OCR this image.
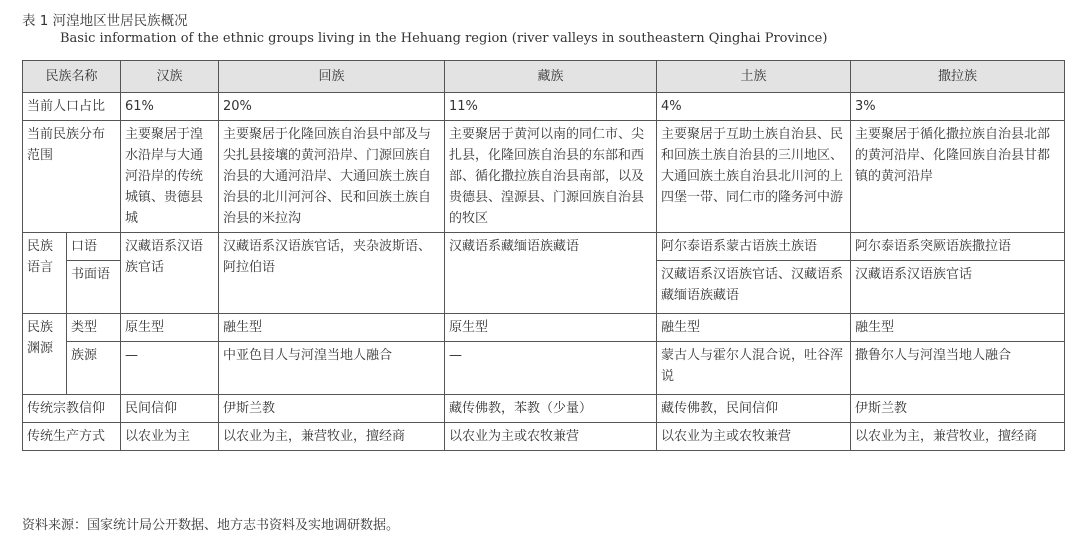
表 1 河湟地区世居民族概况
Basic information of the ethnic groups living in the Hehuang region (river valleys in southeastern Qinghai Province)
民族名称		汉族	回族	藏族	土族	撒拉族
当前人口占比		61%	20%	11%	4%	3%
当前民族分布范围		主要聚居于湟水沿岸与大通河沿岸的传统城镇、贵德县城	主要聚居于化隆回族自治县中部及与尖扎县接壤的黄河沿岸、门源回族自治县的大通河沿岸、大通回族土族自治县的北川河河谷、民和回族土族自治县的米拉沟	主要聚居于黄河以南的同仁市、尖扎县，化隆回族自治县的东部和西部、循化撒拉族自治县南部，以及贵德县、湟源县、门源回族自治县的牧区	主要聚居于互助土族自治县、民和回族土族自治县的三川地区、大通回族土族自治县北川河的上四堡一带、同仁市的隆务河中游	主要聚居于循化撒拉族自治县北部的黄河沿岸、化隆回族自治县甘都镇的黄河沿岸
民族语言	口语	汉藏语系汉语族官话	汉藏语系汉语族官话，夹杂波斯语、阿拉伯语	汉藏语系藏缅语族藏语	阿尔泰语系蒙古语族土族语	阿尔泰语系突厥语族撒拉语
	书面语				汉藏语系汉语族官话、汉藏语系藏缅语族藏语	汉藏语系汉语族官话
民族渊源	类型	原生型	融生型	原生型	融生型	融生型
	族源	—	中亚色目人与河湟当地人融合	—	蒙古人与霍尔人混合说，吐谷浑说	撒鲁尔人与河湟当地人融合
传统宗教信仰		民间信仰	伊斯兰教	藏传佛教，苯教（少量）	藏传佛教，民间信仰	伊斯兰教
传统生产方式		以农业为主	以农业为主，兼营牧业，擅经商	以农业为主或农牧兼营	以农业为主或农牧兼营	以农业为主，兼营牧业，擅经商
资料来源：国家统计局公开数据、地方志书资料及实地调研数据。
